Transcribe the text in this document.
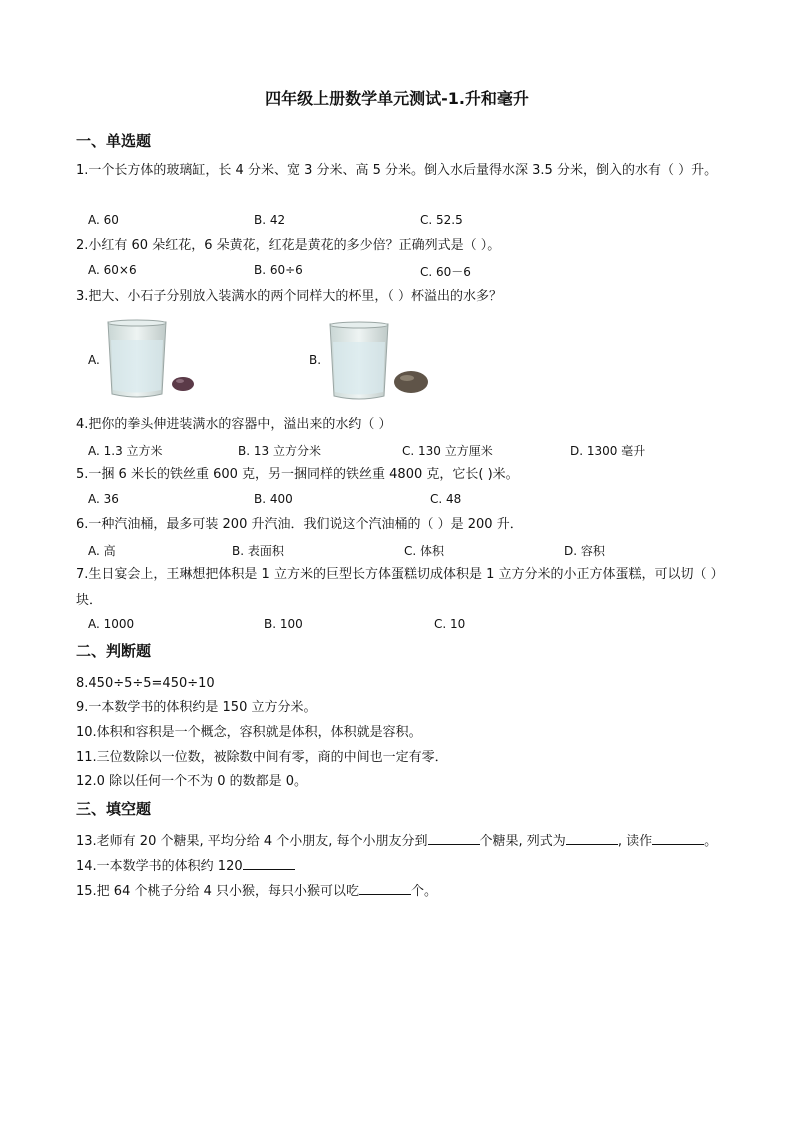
四年级上册数学单元测试-1.升和毫升
一、单选题
1.一个长方体的玻璃缸，长 4 分米、宽 3 分米、高 5 分米。倒入水后量得水深 3.5 分米，倒入的水有（ ）升。
A. 60	B. 42	C. 52.5
2.小红有 60 朵红花，6 朵黄花，红花是黄花的多少倍？正确列式是（ ）。
A. 60×6	B. 60÷6	C. 60－6
3.把大、小石子分别放入装满水的两个同样大的杯里，（ ）杯溢出的水多？
A.	B.
4.把你的拳头伸进装满水的容器中，溢出来的水约（ ）
A. 1.3 立方米	B. 13 立方分米	C. 130 立方厘米	D. 1300 毫升
5.一捆 6 米长的铁丝重 600 克，另一捆同样的铁丝重 4800 克，它长( )米。
A. 36	B. 400	C. 48
6.一种汽油桶，最多可装 200 升汽油．我们说这个汽油桶的（ ）是 200 升．
A. 高	B. 表面积	C. 体积	D. 容积
7.生日宴会上，王琳想把体积是 1 立方米的巨型长方体蛋糕切成体积是 1 立方分米的小正方体蛋糕，可以切（ ）块．
A. 1000	B. 100	C. 10
二、判断题
8.450÷5÷5=450÷10
9.一本数学书的体积约是 150 立方分米。
10.体积和容积是一个概念，容积就是体积，体积就是容积。
11.三位数除以一位数，被除数中间有零，商的中间也一定有零．
12.0 除以任何一个不为 0 的数都是 0。
三、填空题
13.老师有 20 个糖果, 平均分给 4 个小朋友, 每个小朋友分到	个糖果, 列式为	, 读作	。
14.一本数学书的体积约 120
15.把 64 个桃子分给 4 只小猴，每只小猴可以吃	个。
